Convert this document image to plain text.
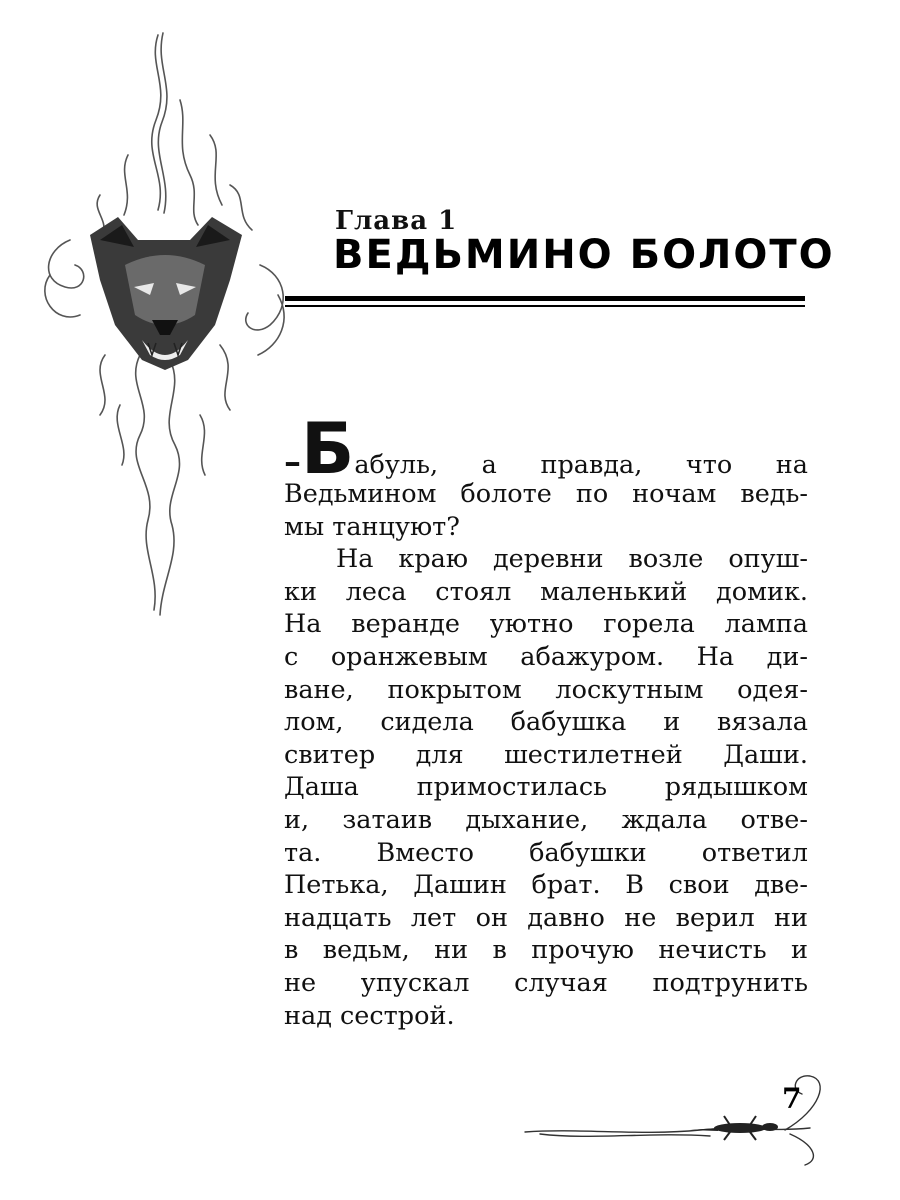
Глава 1
ВЕДЬМИНО БОЛОТО
–Бабуль, а правда, что на
Ведьминoм болоте по ночам ведь-
мы танцуют?
На краю деревни возле опуш-
ки леса стоял маленький домик.
На веранде уютно горела лампа
с оранжевым абажуром. На ди-
ване, покрытом лоскутным одея-
лом, сидела бабушка и вязала
свитер для шестилетней Даши.
Даша примостилась рядышком
и, затаив дыхание, ждала отве-
та. Вместо бабушки ответил
Петька, Дашин брат. В свои две-
надцать лет он давно не верил ни
в ведьм, ни в прочую нечисть и
не упускал случая подтрунить
над сестрой.
7
